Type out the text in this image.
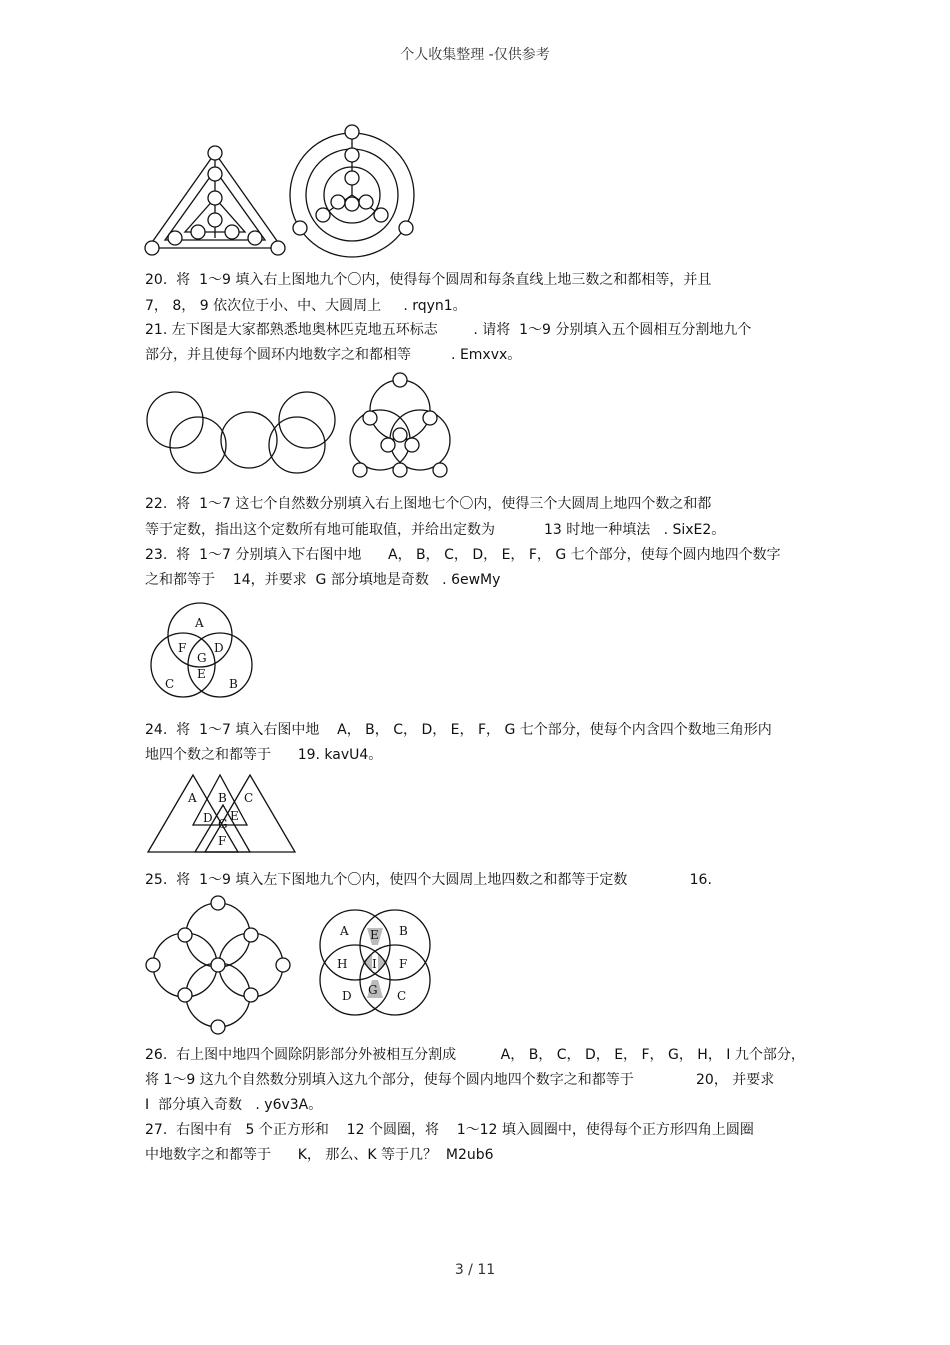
个人收集整理 -仅供参考
20.  将  1～9 填入右上图地九个〇内，使得每个圆周和每条直线上地三数之和都相等，并且
7， 8， 9 依次位于小、中、大圆周上     . rqyn1。
21. 左下图是大家都熟悉地奥林匹克地五环标志        . 请将  1～9 分别填入五个圆相互分割地九个
部分，并且使每个圆环内地数字之和都相等         . Emxvx。
22.  将  1～7 这七个自然数分别填入右上图地七个〇内，使得三个大圆周上地四个数之和都
等于定数，指出这个定数所有地可能取值，并给出定数为           13 时地一种填法   . SixE2。
23.  将  1～7 分别填入下右图中地      A， B， C， D， E， F， G 七个部分，使每个圆内地四个数字
之和都等于    14，并要求  G 部分填地是奇数   . 6ewMy
A
B
C
D
E
F
G
24.  将  1～7 填入右图中地    A， B， C， D， E， F， G 七个部分，使每个内含四个数地三角形内
地四个数之和都等于      19. kavU4。
A B C
D E
G
F
25.  将  1～9 填入左下图地九个〇内，使四个大圆周上地四数之和都等于定数              16.
A E B
H I F
D G C
26.  右上图中地四个圆除阴影部分外被相互分割成          A， B， C， D， E， F， G， H， I 九个部分，
将 1～9 这九个自然数分别填入这九个部分，使每个圆内地四个数字之和都等于              20， 并要求
I  部分填入奇数   . y6v3A。
27.  右图中有   5 个正方形和    12 个圆圈，将    1～12 填入圆圈中，使得每个正方形四角上圆圈
中地数字之和都等于      K， 那么、K 等于几？  M2ub6
3 / 11
